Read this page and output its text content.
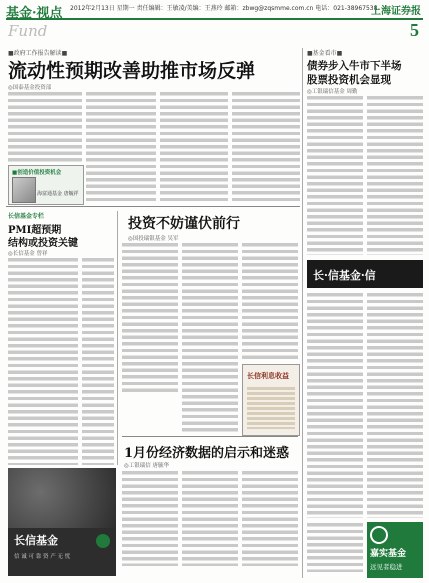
基金·视点 2012年2月13日 星期一 责任编辑：王敏凌/美编：王燕玲 邮箱：zbwg@zqsmme.com.cn 电话：021-38967538
上海证券报
Fund	5
■政府工作报告解读■
流动性预期改善助推市场反弹
◎国泰基金投资部
■创造价值投资机会
海富通基金 唐毓祥
长信基金专栏
PMI超预期
结构或投资关键
◎长信基金 曾祥
投资不妨谨伏前行
◎国投瑞银基金 吴军
长信利息收益
1月份经济数据的启示和迷惑
◎工银瑞信 唐毓华
长信基金
信 诚 可 靠 资 产 无 忧
■基金看市■
债券步入牛市下半场
股票投资机会显现
◎工银瑞信基金 周勤
长·信基金·信
嘉实基金
远见者稳进
